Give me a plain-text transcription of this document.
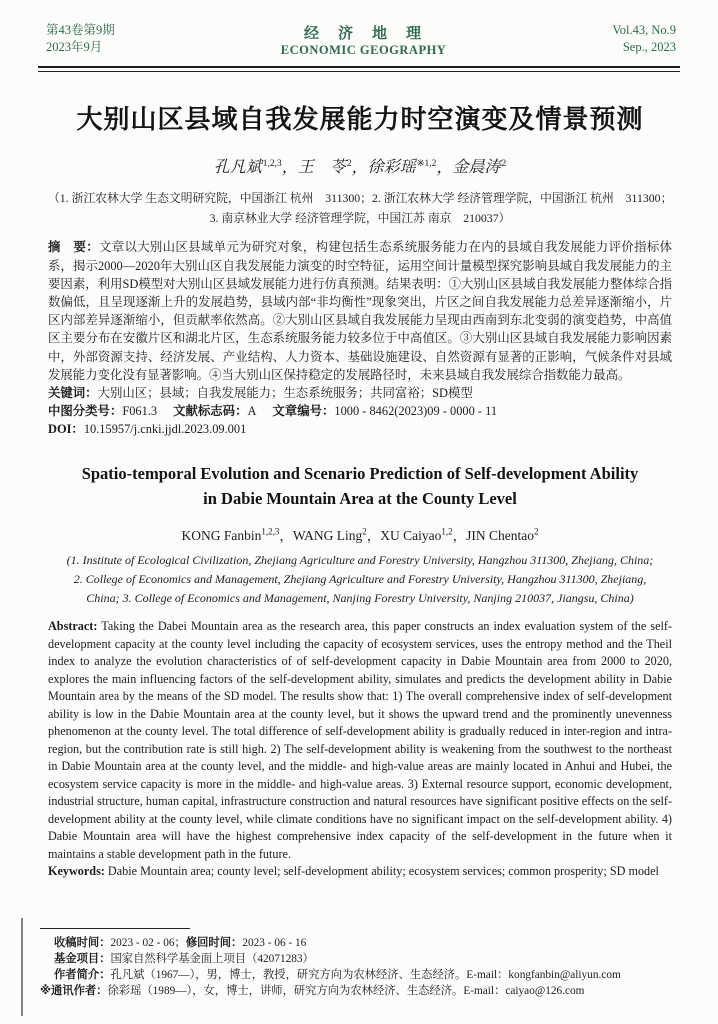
第43卷第9期
2023年9月
经　济　地　理
ECONOMIC GEOGRAPHY
Vol.43, No.9
Sep., 2023
大别山区县域自我发展能力时空演变及情景预测
孔凡斌$^{1,2,3}$，王　苓$^2$，徐彩瑶$^{※1,2}$，金晨涛$^2$
（1. 浙江农林大学 生态文明研究院，中国浙江 杭州　311300；2. 浙江农林大学 经济管理学院，中国浙江 杭州　311300；
3. 南京林业大学 经济管理学院，中国江苏 南京　210037）

摘　要：文章以大别山区县域单元为研究对象，构建包括生态系统服务能力在内的县域自我发展能力评价指标体系，揭示2000—2020年大别山区自我发展能力演变的时空特征，运用空间计量模型探究影响县域自我发展能力的主要因素，利用SD模型对大别山区县域发展能力进行仿真预测。结果表明：①大别山区县域自我发展能力整体综合指数偏低，且呈现逐渐上升的发展趋势，县域内部“非均衡性”现象突出，片区之间自我发展能力总差异逐渐缩小，片区内部差异逐渐缩小，但贡献率依然高。②大别山区县域自我发展能力呈现由西南到东北变弱的演变趋势，中高值区主要分布在安徽片区和湖北片区，生态系统服务能力较多位于中高值区。③大别山区县域自我发展能力影响因素中，外部资源支持、经济发展、产业结构、人力资本、基础设施建设、自然资源有显著的正影响，气候条件对县域发展能力变化没有显著影响。④当大别山区保持稳定的发展路径时，未来县域自我发展综合指数能力最高。

关键词：大别山区；县域；自我发展能力；生态系统服务；共同富裕；SD模型

中图分类号：F061.3 文献标志码：A 文章编号：1000 - 8462(2023)09 - 0000 - 11

DOI：10.15957/j.cnki.jjdl.2023.09.001

Spatio-temporal Evolution and Scenario Prediction of Self-development Ability
in Dabie Mountain Area at the County Level
KONG Fanbin$^{1,2,3}$，WANG Ling$^2$，XU Caiyao$^{1,2}$，JIN Chentao$^2$
(1. Institute of Ecological Civilization, Zhejiang Agriculture and Forestry University, Hangzhou 311300, Zhejiang, China;
2. College of Economics and Management, Zhejiang Agriculture and Forestry University, Hangzhou 311300, Zhejiang,
China; 3. College of Economics and Management, Nanjing Forestry University, Nanjing 210037, Jiangsu, China)

Abstract: Taking the Dabei Mountain area as the research area, this paper constructs an index evaluation system of the self-development capacity at the county level including the capacity of ecosystem services, uses the entropy method and the Theil index to analyze the evolution characteristics of of self-development capacity in Dabie Mountain area from 2000 to 2020, explores the main influencing factors of the self-development ability, simulates and predicts the development ability in Dabie Mountain area by the means of the SD model. The results show that: 1) The overall comprehensive index of self-development ability is low in the Dabie Mountain area at the county level, but it shows the upward trend and the prominently unevenness phenomenon at the county level. The total difference of self-development ability is gradually reduced in inter-region and intra-region, but the contribution rate is still high. 2) The self-development ability is weakening from the southwest to the northeast in Dabie Mountain area at the county level, and the middle- and high-value areas are mainly located in Anhui and Hubei, the ecosystem service capacity is more in the middle- and high-value areas. 3) External resource support, economic development, industrial structure, human capital, infrastructure construction and natural resources have significant positive effects on the self-development ability at the county level, while climate conditions have no significant impact on the self-development ability. 4) Dabie Mountain area will have the highest comprehensive index capacity of the self-development in the future when it maintains a stable development path in the future.

Keywords: Dabie Mountain area; county level; self-development ability; ecosystem services; common prosperity; SD model

收稿时间：2023 - 02 - 06；修回时间：2023 - 06 - 16

基金项目：国家自然科学基金面上项目（42071283）

作者简介：孔凡斌（1967—），男，博士，教授，研究方向为农林经济、生态经济。E-mail：kongfanbin@aliyun.com

※通讯作者：徐彩瑶（1989—），女，博士，讲师，研究方向为农林经济、生态经济。E-mail：caiyao@126.com
